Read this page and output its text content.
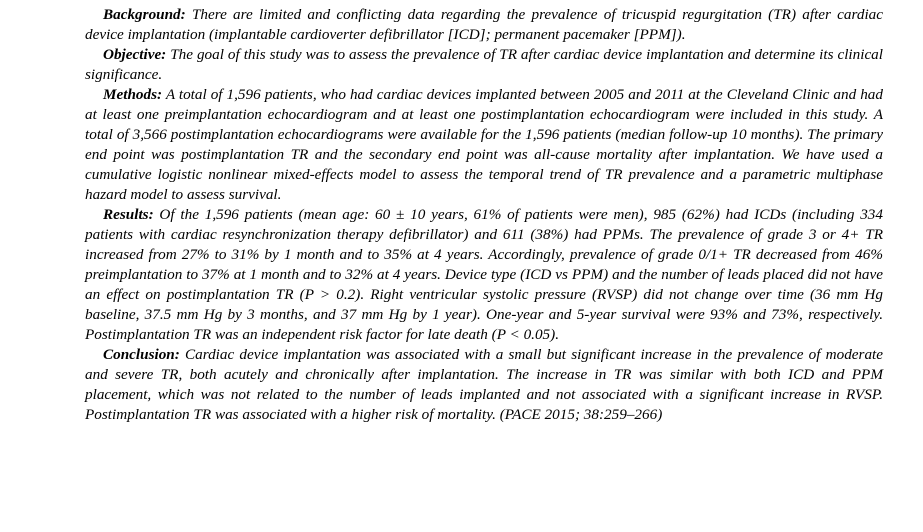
Background: There are limited and conflicting data regarding the prevalence of tricuspid regurgitation (TR) after cardiac device implantation (implantable cardioverter defibrillator [ICD]; permanent pacemaker [PPM]).

Objective: The goal of this study was to assess the prevalence of TR after cardiac device implantation and determine its clinical significance.

Methods: A total of 1,596 patients, who had cardiac devices implanted between 2005 and 2011 at the Cleveland Clinic and had at least one preimplantation echocardiogram and at least one postimplantation echocardiogram were included in this study. A total of 3,566 postimplantation echocardiograms were available for the 1,596 patients (median follow-up 10 months). The primary end point was postimplantation TR and the secondary end point was all-cause mortality after implantation. We have used a cumulative logistic nonlinear mixed-effects model to assess the temporal trend of TR prevalence and a parametric multiphase hazard model to assess survival.

Results: Of the 1,596 patients (mean age: 60 ± 10 years, 61% of patients were men), 985 (62%) had ICDs (including 334 patients with cardiac resynchronization therapy defibrillator) and 611 (38%) had PPMs. The prevalence of grade 3 or 4+ TR increased from 27% to 31% by 1 month and to 35% at 4 years. Accordingly, prevalence of grade 0/1+ TR decreased from 46% preimplantation to 37% at 1 month and to 32% at 4 years. Device type (ICD vs PPM) and the number of leads placed did not have an effect on postimplantation TR (P > 0.2). Right ventricular systolic pressure (RVSP) did not change over time (36 mm Hg baseline, 37.5 mm Hg by 3 months, and 37 mm Hg by 1 year). One-year and 5-year survival were 93% and 73%, respectively. Postimplantation TR was an independent risk factor for late death (P < 0.05).

Conclusion: Cardiac device implantation was associated with a small but significant increase in the prevalence of moderate and severe TR, both acutely and chronically after implantation. The increase in TR was similar with both ICD and PPM placement, which was not related to the number of leads implanted and not associated with a significant increase in RVSP. Postimplantation TR was associated with a higher risk of mortality. (PACE 2015; 38:259–266)
